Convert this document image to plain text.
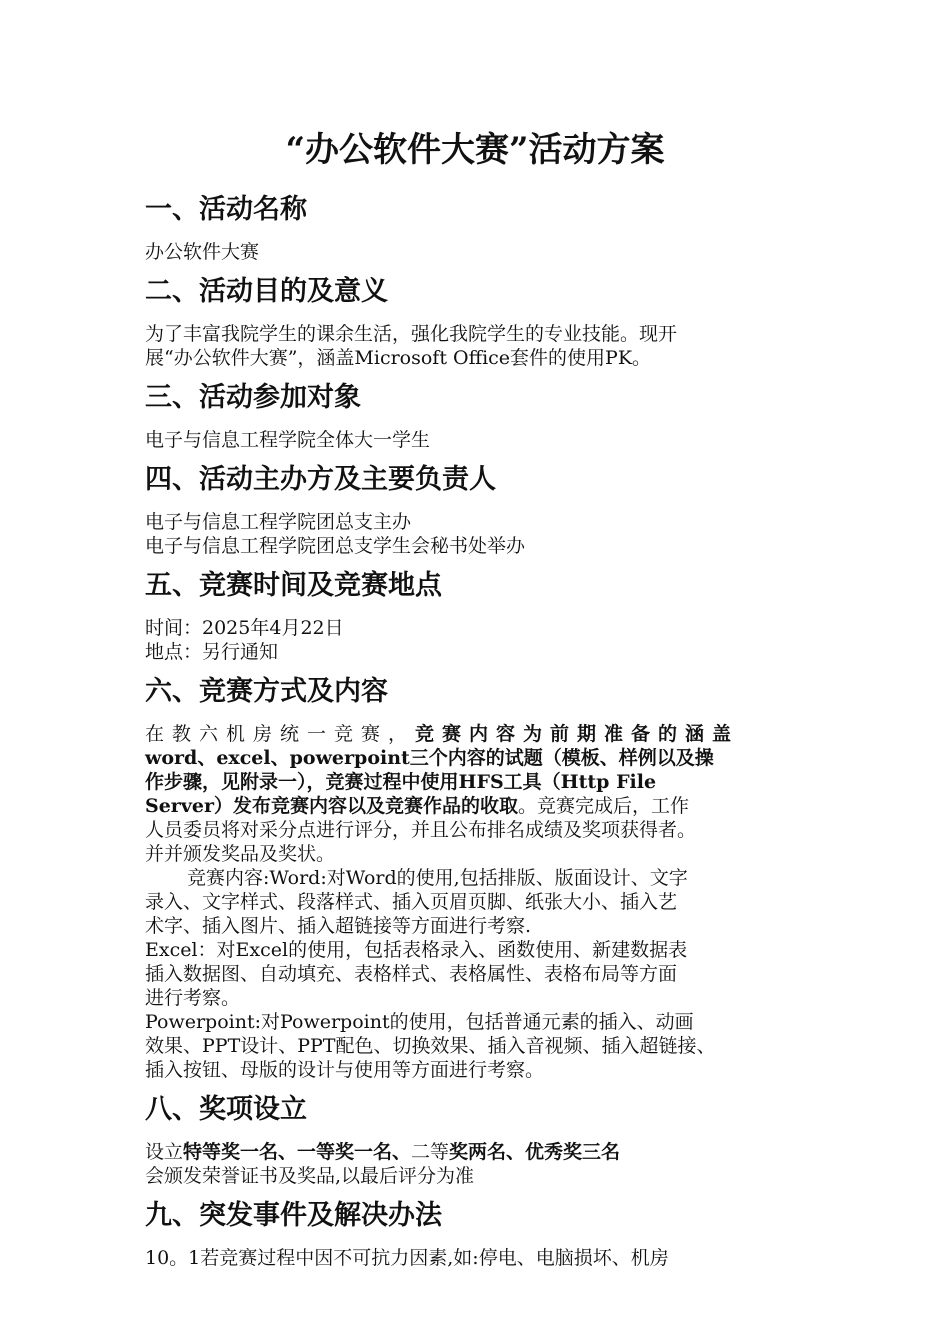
“办公软件大赛”活动方案
一、活动名称

办公软件大赛

二、活动目的及意义

为了丰富我院学生的课余生活，强化我院学生的专业技能。现开

展“办公软件大赛”，涵盖Microsoft Office套件的使用PK。

三、活动参加对象

电子与信息工程学院全体大一学生

四、活动主办方及主要负责人

电子与信息工程学院团总支主办

电子与信息工程学院团总支学生会秘书处举办

五、竞赛时间及竞赛地点

时间：2025年4月22日

地点：另行通知

六、竞赛方式及内容

在教六机房统一竞赛，竞赛内容为前期准备的涵盖
word、excel、powerpoint三个内容的试题（模板、样例以及操
作步骤，见附录一），竞赛过程中使用HFS工具（Http File
Server）发布竞赛内容以及竞赛作品的收取。竞赛完成后，工作
人员委员将对采分点进行评分，并且公布排名成绩及奖项获得者。
并并颁发奖品及奖状。

竞赛内容:Word:对Word的使用,包括排版、版面设计、文字
录入、文字样式、段落样式、插入页眉页脚、纸张大小、插入艺
术字、插入图片、插入超链接等方面进行考察.

Excel：对Excel的使用，包括表格录入、函数使用、新建数据表
插入数据图、自动填充、表格样式、表格属性、表格布局等方面
进行考察。

Powerpoint:对Powerpoint的使用，包括普通元素的插入、动画
效果、PPT设计、PPT配色、切换效果、插入音视频、插入超链接、
插入按钮、母版的设计与使用等方面进行考察。

八、奖项设立

设立特等奖一名、一等奖一名、二等奖两名、优秀奖三名

会颁发荣誉证书及奖品,以最后评分为准

九、突发事件及解决办法

10。1若竞赛过程中因不可抗力因素,如:停电、电脑损坏、机房
